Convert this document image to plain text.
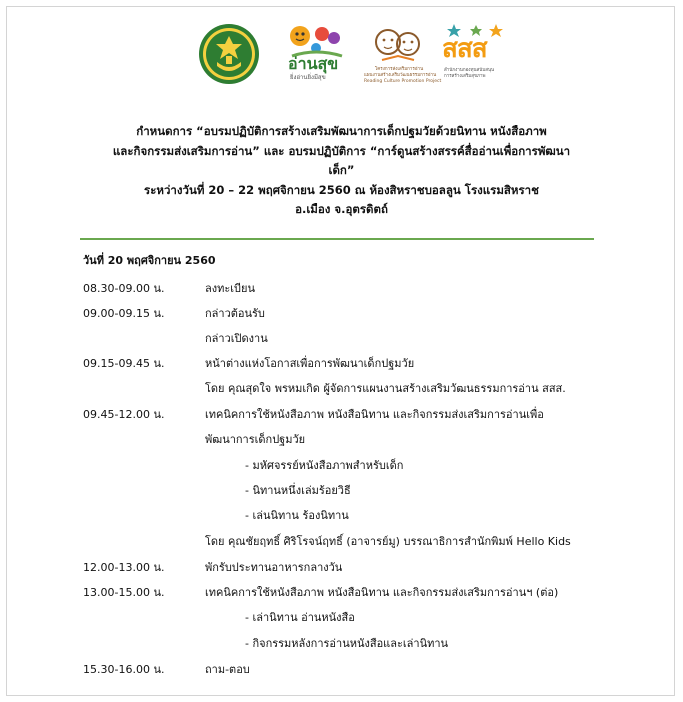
อ่านสุข
ยิ่งอ่านยิ่งมีสุข
โครงการส่งเสริมการอ่าน
แผนงานสร้างเสริมวัฒนธรรมการอ่าน
Reading Culture Promotion Project
สสส
สำนักงานกองทุนสนับสนุน
การสร้างเสริมสุขภาพ
กำหนดการ “อบรมปฏิบัติการสร้างเสริมพัฒนาการเด็กปฐมวัยด้วยนิทาน หนังสือภาพ
และกิจกรรมส่งเสริมการอ่าน” และ อบรมปฏิบัติการ “การ์ดูนสร้างสรรค์สื่ออ่านเพื่อการพัฒนา
เด็ก”
ระหว่างวันที่ 20 – 22 พฤศจิกายน 2560 ณ ห้องสิหราชบอลลูน โรงแรมสิหราช
อ.เมือง จ.อุตรดิตถ์
วันที่ 20 พฤศจิกายน 2560
08.30-09.00 น.	ลงทะเบียน
09.00-09.15 น.	กล่าวต้อนรับ
กล่าวเปิดงาน
09.15-09.45 น.	หน้าต่างแห่งโอกาสเพื่อการพัฒนาเด็กปฐมวัย
โดย คุณสุดใจ พรหมเกิด ผู้จัดการแผนงานสร้างเสริมวัฒนธรรมการอ่าน สสส.
09.45-12.00 น.	เทคนิคการใช้หนังสือภาพ หนังสือนิทาน และกิจกรรมส่งเสริมการอ่านเพื่อ
พัฒนาการเด็กปฐมวัย
- มหัศจรรย์หนังสือภาพสำหรับเด็ก
- นิทานหนึ่งเล่มร้อยวิธี
- เล่นนิทาน ร้องนิทาน
โดย คุณชัยฤทธิ์ ศิริโรจน์ฤทธิ์ (อาจารย์มู) บรรณาธิการสำนักพิมพ์ Hello Kids
12.00-13.00 น.	พักรับประทานอาหารกลางวัน
13.00-15.00 น.	เทคนิคการใช้หนังสือภาพ หนังสือนิทาน และกิจกรรมส่งเสริมการอ่านฯ (ต่อ)
- เล่านิทาน อ่านหนังสือ
- กิจกรรมหลังการอ่านหนังสือและเล่านิทาน
15.30-16.00 น.	ถาม-ตอบ
